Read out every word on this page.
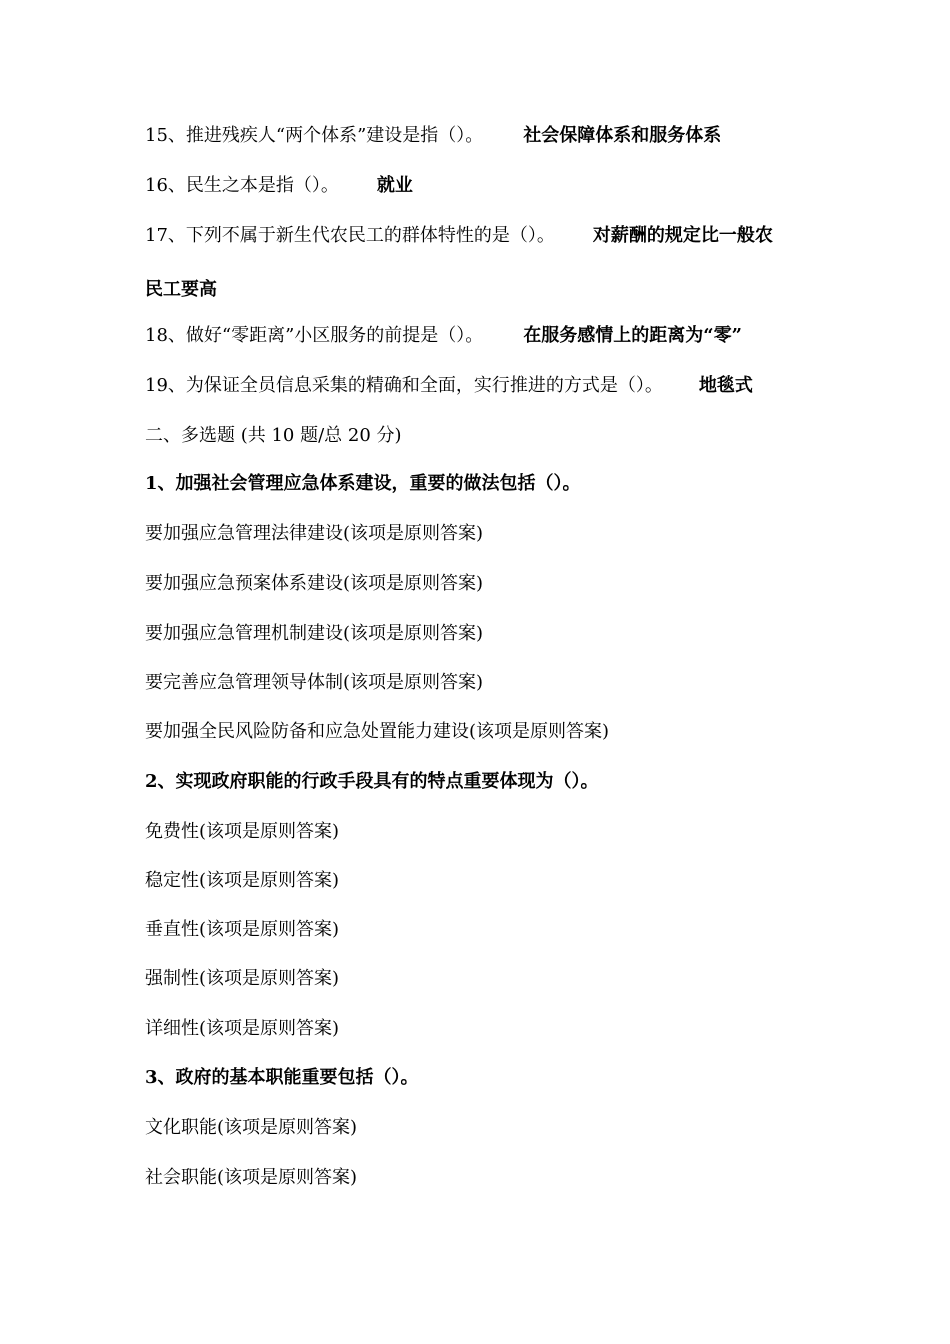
15、推进残疾人“两个体系”建设是指（）。 社会保障体系和服务体系
16、民生之本是指（）。 就业
17、下列不属于新生代农民工的群体特性的是（）。 对薪酬的规定比一般农
民工要高
18、做好“零距离”小区服务的前提是（）。 在服务感情上的距离为“零”
19、为保证全员信息采集的精确和全面，实行推进的方式是（）。 地毯式
二、多选题 (共 10 题/总 20 分)
1、加强社会管理应急体系建设，重要的做法包括（）。
要加强应急管理法律建设(该项是原则答案)
要加强应急预案体系建设(该项是原则答案)
要加强应急管理机制建设(该项是原则答案)
要完善应急管理领导体制(该项是原则答案)
要加强全民风险防备和应急处置能力建设(该项是原则答案)
2、实现政府职能的行政手段具有的特点重要体现为（）。
免费性(该项是原则答案)
稳定性(该项是原则答案)
垂直性(该项是原则答案)
强制性(该项是原则答案)
详细性(该项是原则答案)
3、政府的基本职能重要包括（）。
文化职能(该项是原则答案)
社会职能(该项是原则答案)
